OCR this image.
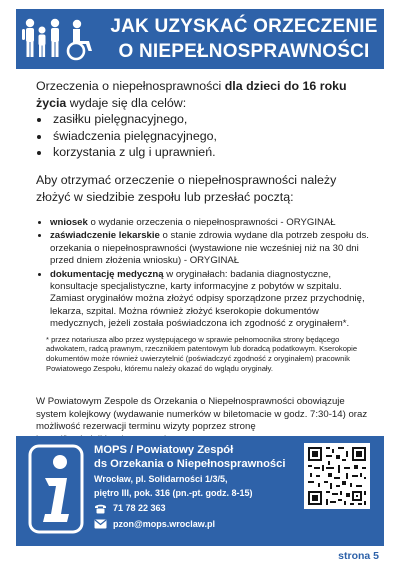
JAK UZYSKAĆ ORZECZENIE
O NIEPEŁNOSPRAWNOŚCI
Orzeczenia o niepełnosprawności dla dzieci do 16 roku życia wydaje się dla celów:
• zasiłku pielęgnacyjnego,
• świadczenia pielęgnacyjnego,
• korzystania z ulg i uprawnień.
Aby otrzymać orzeczenie o niepełnosprawności należy złożyć w siedzibie zespołu lub przesłać pocztą:
• wniosek o wydanie orzeczenia o niepełnosprawności - ORYGINAŁ
• zaświadczenie lekarskie o stanie zdrowia wydane dla potrzeb zespołu ds. orzekania o niepełnosprawności (wystawione nie wcześniej niż na 30 dni przed dniem złożenia wniosku) - ORYGINAŁ
• dokumentację medyczną w oryginałach: badania diagnostyczne, konsultacje specjalistyczne, karty informacyjne z pobytów w szpitalu. Zamiast oryginałów można złożyć odpisy sporządzone przez przychodnię, lekarza, szpital. Można również złożyć kserokopie dokumentów medycznych, jeżeli została poświadczona ich zgodność z oryginałem*.
* przez notariusza albo przez występującego w sprawie pełnomocnika strony będącego adwokatem, radcą prawnym, rzecznikiem patentowym lub doradcą podatkowym. Kserokopie dokumentów może również uwierzytelnić (poświadczyć zgodność z oryginałem) pracownik Powiatowego Zespołu, któremu należy okazać do wglądu oryginały.
W Powiatowym Zespole ds Orzekania o Niepełnosprawności obowiązuje system kolejkowy (wydawanie numerków w biletomacie w godz. 7:30-14) oraz możliwość rezerwacji terminu wizyty poprzez stronę
MOPS / Powiatowy Zespół
ds Orzekania o Niepełnosprawności
Wrocław, pl. Solidarności 1/3/5,
piętro III, pok. 316 (pn.-pt. godz. 8-15)
71 78 22 363
pzon@mops.wroclaw.pl
strona 5
